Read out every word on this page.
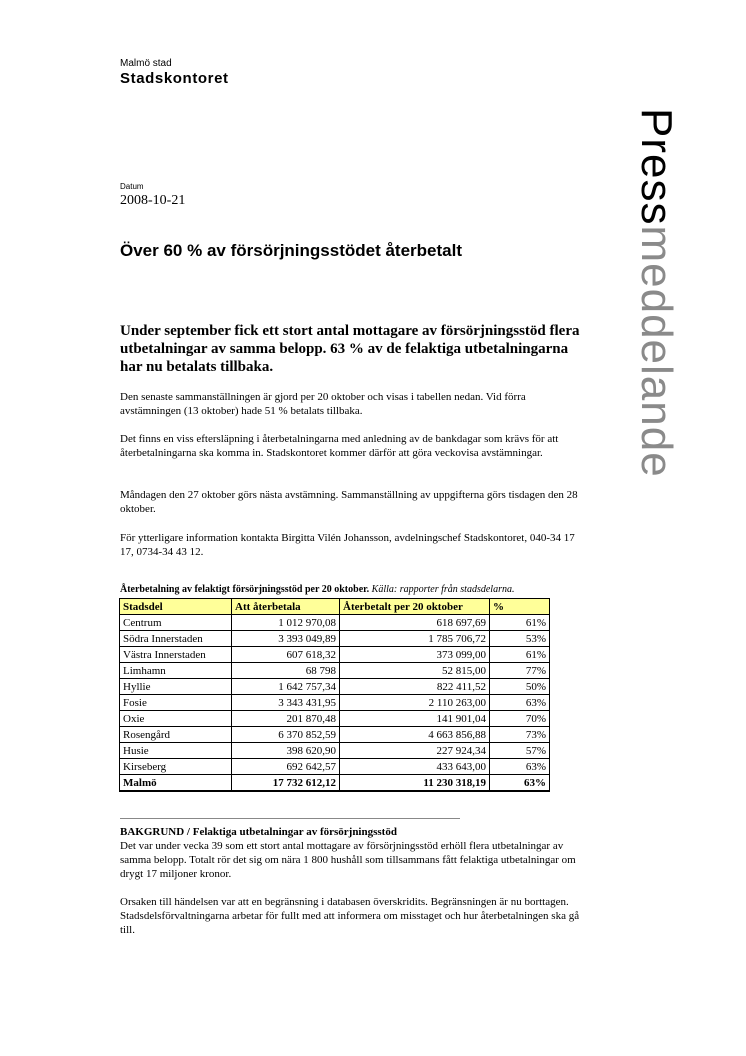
Malmö stad
Stadskontoret
Pressmeddelande
Datum
2008-10-21
Över 60 % av försörjningsstödet återbetalt
Under september fick ett stort antal mottagare av försörjningsstöd flera utbetalningar av samma belopp. 63 % av de felaktiga utbetalningarna har nu betalats tillbaka.
Den senaste sammanställningen är gjord per 20 oktober och visas i tabellen nedan. Vid förra avstämningen (13 oktober) hade 51 % betalats tillbaka.
Det finns en viss eftersläpning i återbetalningarna med anledning av de bankdagar som krävs för att återbetalningarna ska komma in. Stadskontoret kommer därför att göra veckovisa avstämningar.
Måndagen den 27 oktober görs nästa avstämning. Sammanställning av uppgifterna görs tisdagen den 28 oktober.
För ytterligare information kontakta Birgitta Vilén Johansson, avdelningschef Stadskontoret, 040-34 17 17, 0734-34 43 12.
Återbetalning av felaktigt försörjningsstöd per 20 oktober. Källa: rapporter från stadsdelarna.
Stadsdel	Att återbetala	Återbetalt per 20 oktober	%
Centrum	1 012 970,08	618 697,69	61%
Södra Innerstaden	3 393 049,89	1 785 706,72	53%
Västra Innerstaden	607 618,32	373 099,00	61%
Limhamn	68 798	52 815,00	77%
Hyllie	1 642 757,34	822 411,52	50%
Fosie	3 343 431,95	2 110 263,00	63%
Oxie	201 870,48	141 901,04	70%
Rosengård	6 370 852,59	4 663 856,88	73%
Husie	398 620,90	227 924,34	57%
Kirseberg	692 642,57	433 643,00	63%
Malmö	17 732 612,12	11 230 318,19	63%
BAKGRUND / Felaktiga utbetalningar av försörjningsstöd
Det var under vecka 39 som ett stort antal mottagare av försörjningsstöd erhöll flera utbetalningar av samma belopp. Totalt rör det sig om nära 1 800 hushåll som tillsammans fått felaktiga utbetalningar om drygt 17 miljoner kronor.
Orsaken till händelsen var att en begränsning i databasen överskridits. Begränsningen är nu borttagen. Stadsdelsförvaltningarna arbetar för fullt med att informera om misstaget och hur återbetalningen ska gå till.
